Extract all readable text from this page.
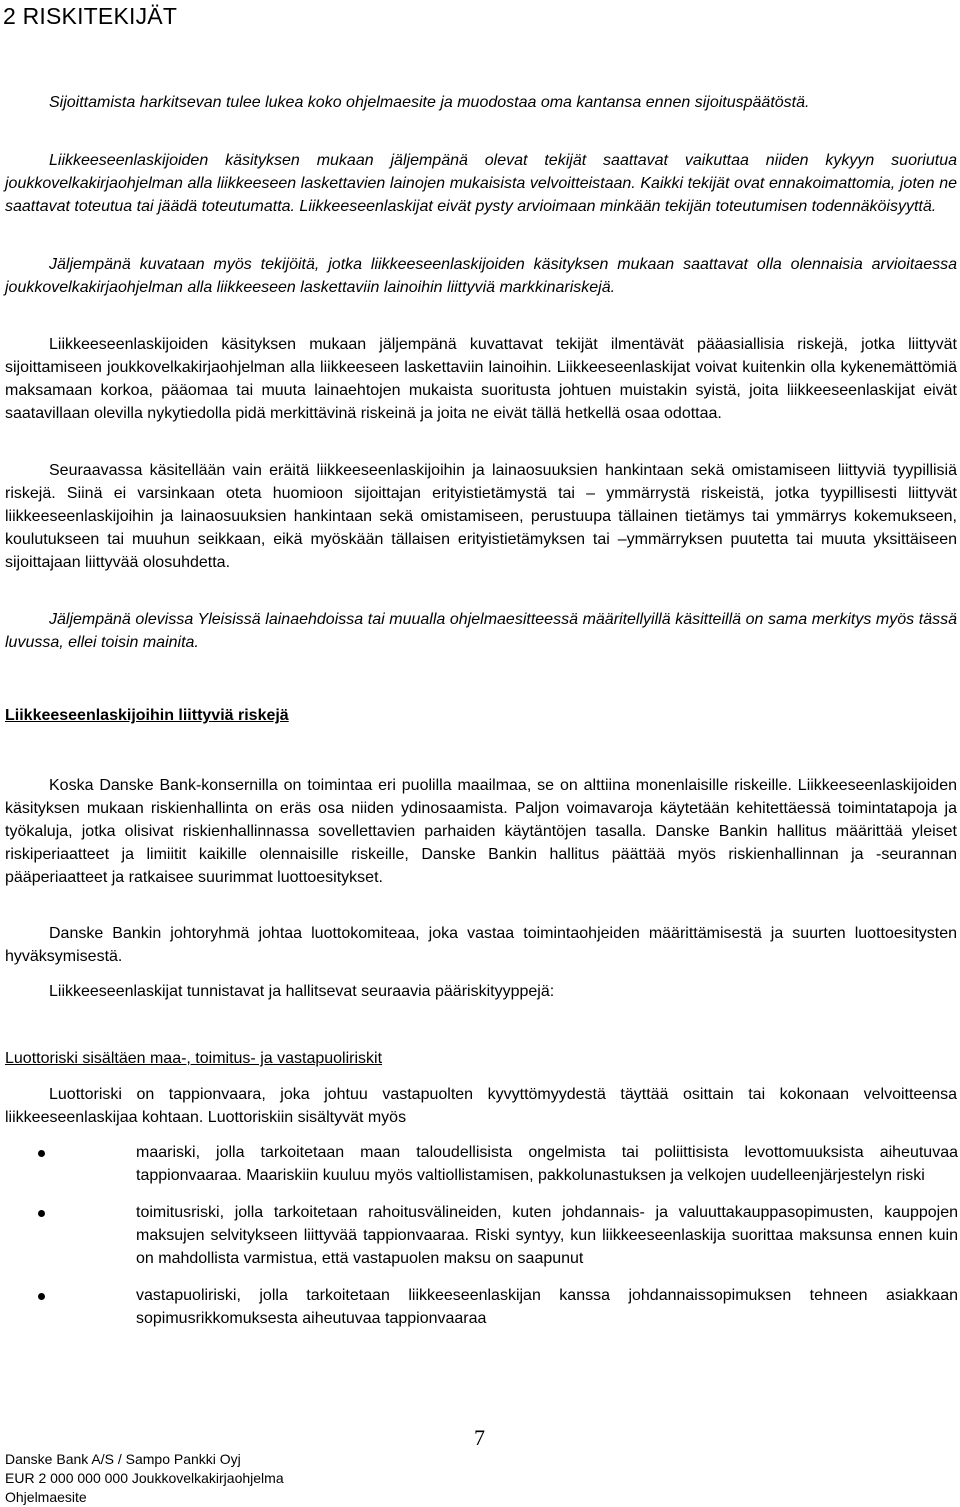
2 RISKITEKIJÄT

Sijoittamista harkitsevan tulee lukea koko ohjelmaesite ja muodostaa oma kantansa ennen sijoituspäätöstä.

Liikkeeseenlaskijoiden käsityksen mukaan jäljempänä olevat tekijät saattavat vaikuttaa niiden kykyyn suoriutua joukkovelkakirjaohjelman alla liikkeeseen laskettavien lainojen mukaisista velvoitteistaan. Kaikki tekijät ovat ennakoimattomia, joten ne saattavat toteutua tai jäädä toteutumatta. Liikkeeseenlaskijat eivät pysty arvioimaan minkään tekijän toteutumisen todennäköisyyttä.

Jäljempänä kuvataan myös tekijöitä, jotka liikkeeseenlaskijoiden käsityksen mukaan saattavat olla olennaisia arvioitaessa joukkovelkakirjaohjelman alla liikkeeseen laskettaviin lainoihin liittyviä markkinariskejä.

Liikkeeseenlaskijoiden käsityksen mukaan jäljempänä kuvattavat tekijät ilmentävät pääasiallisia riskejä, jotka liittyvät sijoittamiseen joukkovelkakirjaohjelman alla liikkeeseen laskettaviin lainoihin. Liikkeeseenlaskijat voivat kuitenkin olla kykenemättömiä maksamaan korkoa, pääomaa tai muuta lainaehtojen mukaista suoritusta johtuen muistakin syistä, joita liikkeeseenlaskijat eivät saatavillaan olevilla nykytiedolla pidä merkittävinä riskeinä ja joita ne eivät tällä hetkellä osaa odottaa.

Seuraavassa käsitellään vain eräitä liikkeeseenlaskijoihin ja lainaosuuksien hankintaan sekä omistamiseen liittyviä tyypillisiä riskejä. Siinä ei varsinkaan oteta huomioon sijoittajan erityistietämystä tai – ymmärrystä riskeistä, jotka tyypillisesti liittyvät liikkeeseenlaskijoihin ja lainaosuuksien hankintaan sekä omistamiseen, perustuupa tällainen tietämys tai ymmärrys kokemukseen, koulutukseen tai muuhun seikkaan, eikä myöskään tällaisen erityistietämyksen tai –ymmärryksen puutetta tai muuta yksittäiseen sijoittajaan liittyvää olosuhdetta.

Jäljempänä olevissa Yleisissä lainaehdoissa tai muualla ohjelmaesitteessä määritellyillä käsitteillä on sama merkitys myös tässä luvussa, ellei toisin mainita.

Liikkeeseenlaskijoihin liittyviä riskejä

Koska Danske Bank-konsernilla on toimintaa eri puolilla maailmaa, se on alttiina monenlaisille riskeille. Liikkeeseenlaskijoiden käsityksen mukaan riskienhallinta on eräs osa niiden ydinosaamista. Paljon voimavaroja käytetään kehitettäessä toimintatapoja ja työkaluja, jotka olisivat riskienhallinnassa sovellettavien parhaiden käytäntöjen tasalla. Danske Bankin hallitus määrittää yleiset riskiperiaatteet ja limiitit kaikille olennaisille riskeille, Danske Bankin hallitus päättää myös riskienhallinnan ja -seurannan pääperiaatteet ja ratkaisee suurimmat luottoesitykset.

Danske Bankin johtoryhmä johtaa luottokomiteaa, joka vastaa toimintaohjeiden määrittämisestä ja suurten luottoesitysten hyväksymisestä.

Liikkeeseenlaskijat tunnistavat ja hallitsevat seuraavia pääriskityyppejä:

Luottoriski sisältäen maa-, toimitus- ja vastapuoliriskit

Luottoriski on tappionvaara, joka johtuu vastapuolten kyvyttömyydestä täyttää osittain tai kokonaan velvoitteensa liikkeeseenlaskijaa kohtaan. Luottoriskiin sisältyvät myös

maariski, jolla tarkoitetaan maan taloudellisista ongelmista tai poliittisista levottomuuksista aiheutuvaa tappionvaaraa. Maariskiin kuuluu myös valtiollistamisen, pakkolunastuksen ja velkojen uudelleenjärjestelyn riski
toimitusriski, jolla tarkoitetaan rahoitusvälineiden, kuten johdannais- ja valuuttakauppasopimusten, kauppojen maksujen selvitykseen liittyvää tappionvaaraa. Riski syntyy, kun liikkeeseenlaskija suorittaa maksunsa ennen kuin on mahdollista varmistua, että vastapuolen maksu on saapunut
vastapuoliriski, jolla tarkoitetaan liikkeeseenlaskijan kanssa johdannaissopimuksen tehneen asiakkaan sopimusrikkomuksesta aiheutuvaa tappionvaaraa

7

Danske Bank A/S / Sampo Pankki Oyj
EUR 2 000 000 000 Joukkovelkakirjaohjelma
Ohjelmaesite
